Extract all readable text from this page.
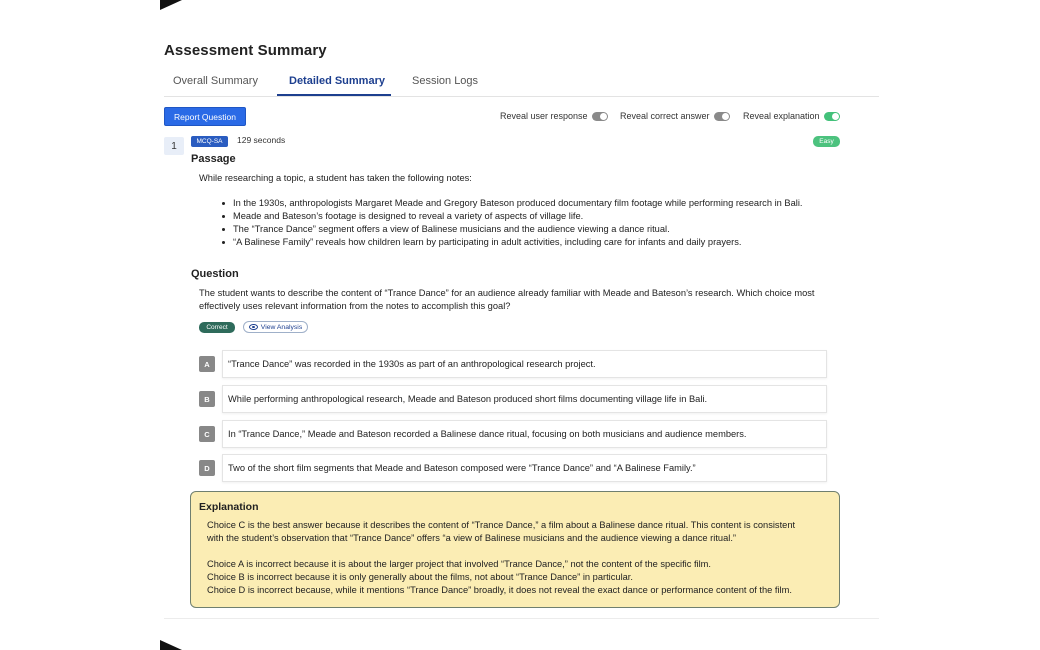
Assessment Summary
Overall Summary	Detailed Summary Session Logs
Report Question	Reveal user response	Reveal correct answer	Reveal explanation
1	MCQ-SA	129 seconds	Easy
Passage
While researching a topic, a student has taken the following notes:
In the 1930s, anthropologists Margaret Meade and Gregory Bateson produced documentary film footage while performing research in Bali.
Meade and Bateson’s footage is designed to reveal a variety of aspects of village life.
The “Trance Dance” segment offers a view of Balinese musicians and the audience viewing a dance ritual.
“A Balinese Family” reveals how children learn by participating in adult activities, including care for infants and daily prayers.
Question
The student wants to describe the content of “Trance Dance” for an audience already familiar with Meade and Bateson’s research. Which choice most effectively uses relevant information from the notes to accomplish this goal?
Correct	View Analysis
A	“Trance Dance” was recorded in the 1930s as part of an anthropological research project.
B	While performing anthropological research, Meade and Bateson produced short films documenting village life in Bali.
C	In “Trance Dance,” Meade and Bateson recorded a Balinese dance ritual, focusing on both musicians and audience members.
D	Two of the short film segments that Meade and Bateson composed were “Trance Dance” and “A Balinese Family.”
Explanation
Choice C is the best answer because it describes the content of “Trance Dance,” a film about a Balinese dance ritual. This content is consistent
with the student’s observation that “Trance Dance” offers “a view of Balinese musicians and the audience viewing a dance ritual.”
Choice A is incorrect because it is about the larger project that involved “Trance Dance,” not the content of the specific film.
Choice B is incorrect because it is only generally about the films, not about “Trance Dance” in particular.
Choice D is incorrect because, while it mentions “Trance Dance” broadly, it does not reveal the exact dance or performance content of the film.
